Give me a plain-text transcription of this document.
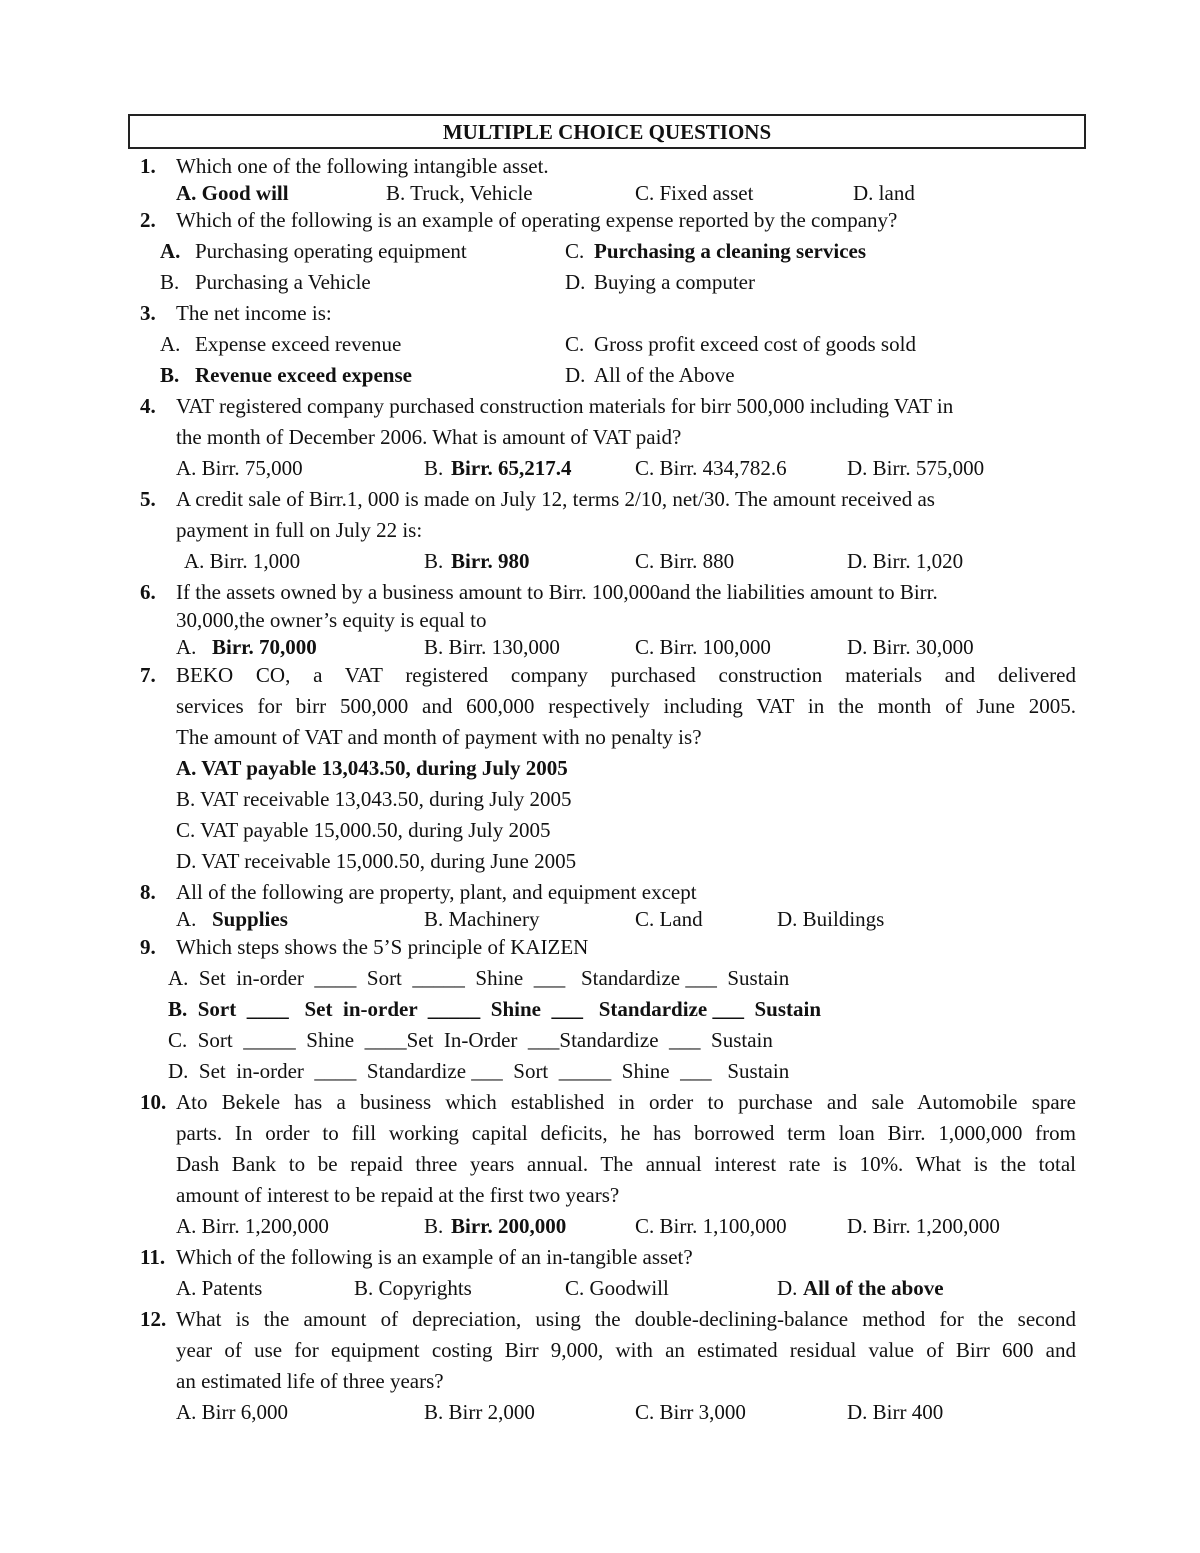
MULTIPLE CHOICE QUESTIONS
1. Which one of the following intangible asset.
A. Good will	B. Truck, Vehicle	C. Fixed asset	D. land
2. Which of the following is an example of operating expense reported by the company?
A. Purchasing operating equipment	C. Purchasing a cleaning services
B. Purchasing a Vehicle	D. Buying a computer
3. The net income is:
A. Expense exceed revenue	C. Gross profit exceed cost of goods sold
B. Revenue exceed expense	D. All of the Above
4. VAT registered company purchased construction materials for birr 500,000 including VAT in
the month of December 2006. What is amount of VAT paid?
A. Birr. 75,000	B. Birr. 65,217.4	C. Birr. 434,782.6	D. Birr. 575,000
5. A credit sale of Birr.1, 000 is made on July 12, terms 2/10, net/30. The amount received as
payment in full on July 22 is:
A. Birr. 1,000	B. Birr. 980	C. Birr. 880	D. Birr. 1,020
6. If the assets owned by a business amount to Birr. 100,000and the liabilities amount to Birr.
30,000,the owner’s equity is equal to
A. Birr. 70,000	B. Birr. 130,000	C. Birr. 100,000	D. Birr. 30,000
7. BEKO CO, a VAT registered company purchased construction materials and delivered
services for birr 500,000 and 600,000 respectively including VAT in the month of June 2005.
The amount of VAT and month of payment with no penalty is?
A. VAT payable 13,043.50, during July 2005
B. VAT receivable 13,043.50, during July 2005
C. VAT payable 15,000.50, during July 2005
D. VAT receivable 15,000.50, during June 2005
8. All of the following are property, plant, and equipment except
A. Supplies	B. Machinery	C. Land	D. Buildings
9. Which steps shows the 5’S principle of KAIZEN
A.  Set  in-order  ____  Sort  _____  Shine  ___   Standardize ___  Sustain
B.  Sort  ____   Set  in-order  _____  Shine  ___   Standardize ___  Sustain
C.  Sort  _____  Shine  ____Set  In-Order  ___Standardize  ___  Sustain
D.  Set  in-order  ____  Standardize ___  Sort  _____  Shine  ___   Sustain
10. Ato Bekele has a business which established in order to purchase and sale Automobile spare
parts. In order to fill working capital deficits, he has borrowed term loan Birr. 1,000,000 from
Dash Bank to be repaid three years annual. The annual interest rate is 10%. What is the total
amount of interest to be repaid at the first two years?
A. Birr. 1,200,000	B. Birr. 200,000	C. Birr. 1,100,000	D. Birr. 1,200,000
11. Which of the following is an example of an in-tangible asset?
A. Patents	B. Copyrights	C. Goodwill	D. All of the above
12. What is the amount of depreciation, using the double-declining-balance method for the second
year of use for equipment costing Birr 9,000, with an estimated residual value of Birr 600 and
an estimated life of three years?
A. Birr 6,000	B. Birr 2,000	C. Birr 3,000	D. Birr 400
